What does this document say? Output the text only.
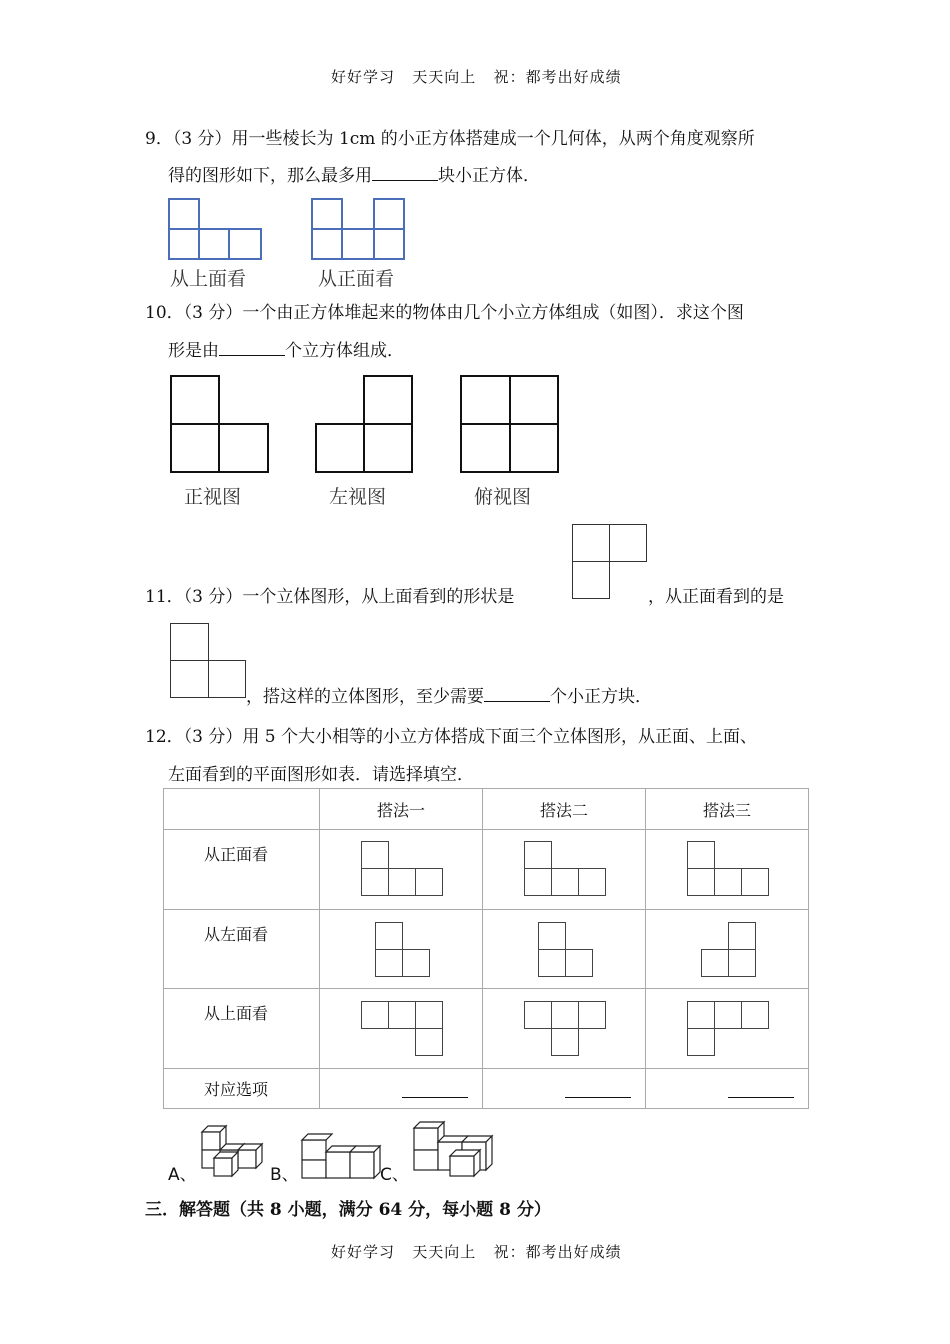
好好学习   天天向上   祝：都考出好成绩
9．（3 分）用一些棱长为 1cm 的小正方体搭建成一个几何体，从两个角度观察所
得的图形如下，那么最多用	块小正方体．
从上面看	从正面看
10．（3 分）一个由正方体堆起来的物体由几个小立方体组成（如图）．求这个图
形是由	个立方体组成．
正视图	左视图	俯视图
11．（3 分）一个立体图形，从上面看到的形状是	，从正面看到的是
，搭这样的立体图形，至少需要	个小正方块．
12．（3 分）用 5 个大小相等的小立方体搭成下面三个立体图形，从正面、上面、
左面看到的平面图形如表．请选择填空．
	搭法一	搭法二	搭法三
从正面看	

从左面看	

从上面看	

对应选项	

A、	B、	C、
三．解答题（共 8 小题，满分 64 分，每小题 8 分）
好好学习   天天向上   祝：都考出好成绩
